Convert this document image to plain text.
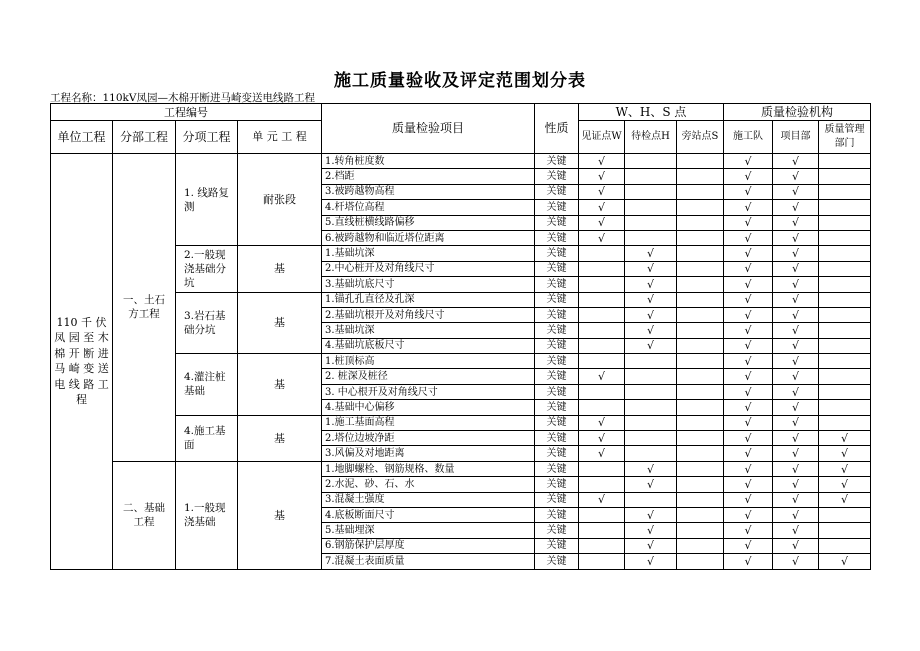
施工质量验收及评定范围划分表
工程名称：110kV凤园—木棉开断进马崎变送电线路工程
工程编号				质量检验项目	性质	W、H、S 点			质量检验机构		
单位工程	分部工程	分项工程	单 元 工 程			见证点W	待检点H	旁站点S	施工队	项目部	质量管理部门
110 千 伏 凤 园 至 木 棉 开 断 进 马 崎 变 送 电 线 路 工 程	一、土石方工程	1. 线路复测	耐张段	1.转角桩度数	关键	√			√	√	
				2.档距	关键	√			√	√	
				3.被跨越物高程	关键	√			√	√	
				4.杆塔位高程	关键	√			√	√	
				5.直线桩横线路偏移	关键	√			√	√	
				6.被跨越物和临近塔位距离	关键	√			√	√	
		2.一般现浇基础分坑	基	1.基础坑深	关键		√		√	√	
				2.中心桩开及对角线尺寸	关键		√		√	√	
				3.基础坑底尺寸	关键		√		√	√	
		3.岩石基础分坑	基	1.锚孔孔直径及孔深	关键		√		√	√	
				2.基础坑根开及对角线尺寸	关键		√		√	√	
				3.基础坑深	关键		√		√	√	
				4.基础坑底板尺寸	关键		√		√	√	
		4.灌注桩基础	基	1.桩顶标高	关键				√	√	
				2. 桩深及桩径	关键	√			√	√	
				3. 中心根开及对角线尺寸	关键				√	√	
				4.基础中心偏移	关键				√	√	
		4.施工基面	基	1.施工基面高程	关键	√			√	√	
				2.塔位边坡净距	关键	√			√	√	√
				3.风偏及对地距离	关键	√			√	√	√
	二、基础工程	1.一般现浇基础	基	1.地脚螺栓、钢筋规格、数量	关键		√		√	√	√
				2.水泥、砂、石、水	关键		√		√	√	√
				3.混凝土强度	关键	√			√	√	√
				4.底板断面尺寸	关键		√		√	√	
				5.基础埋深	关键		√		√	√	
				6.钢筋保护层厚度	关键		√		√	√	
				7.混凝土表面质量	关键		√		√	√	√
